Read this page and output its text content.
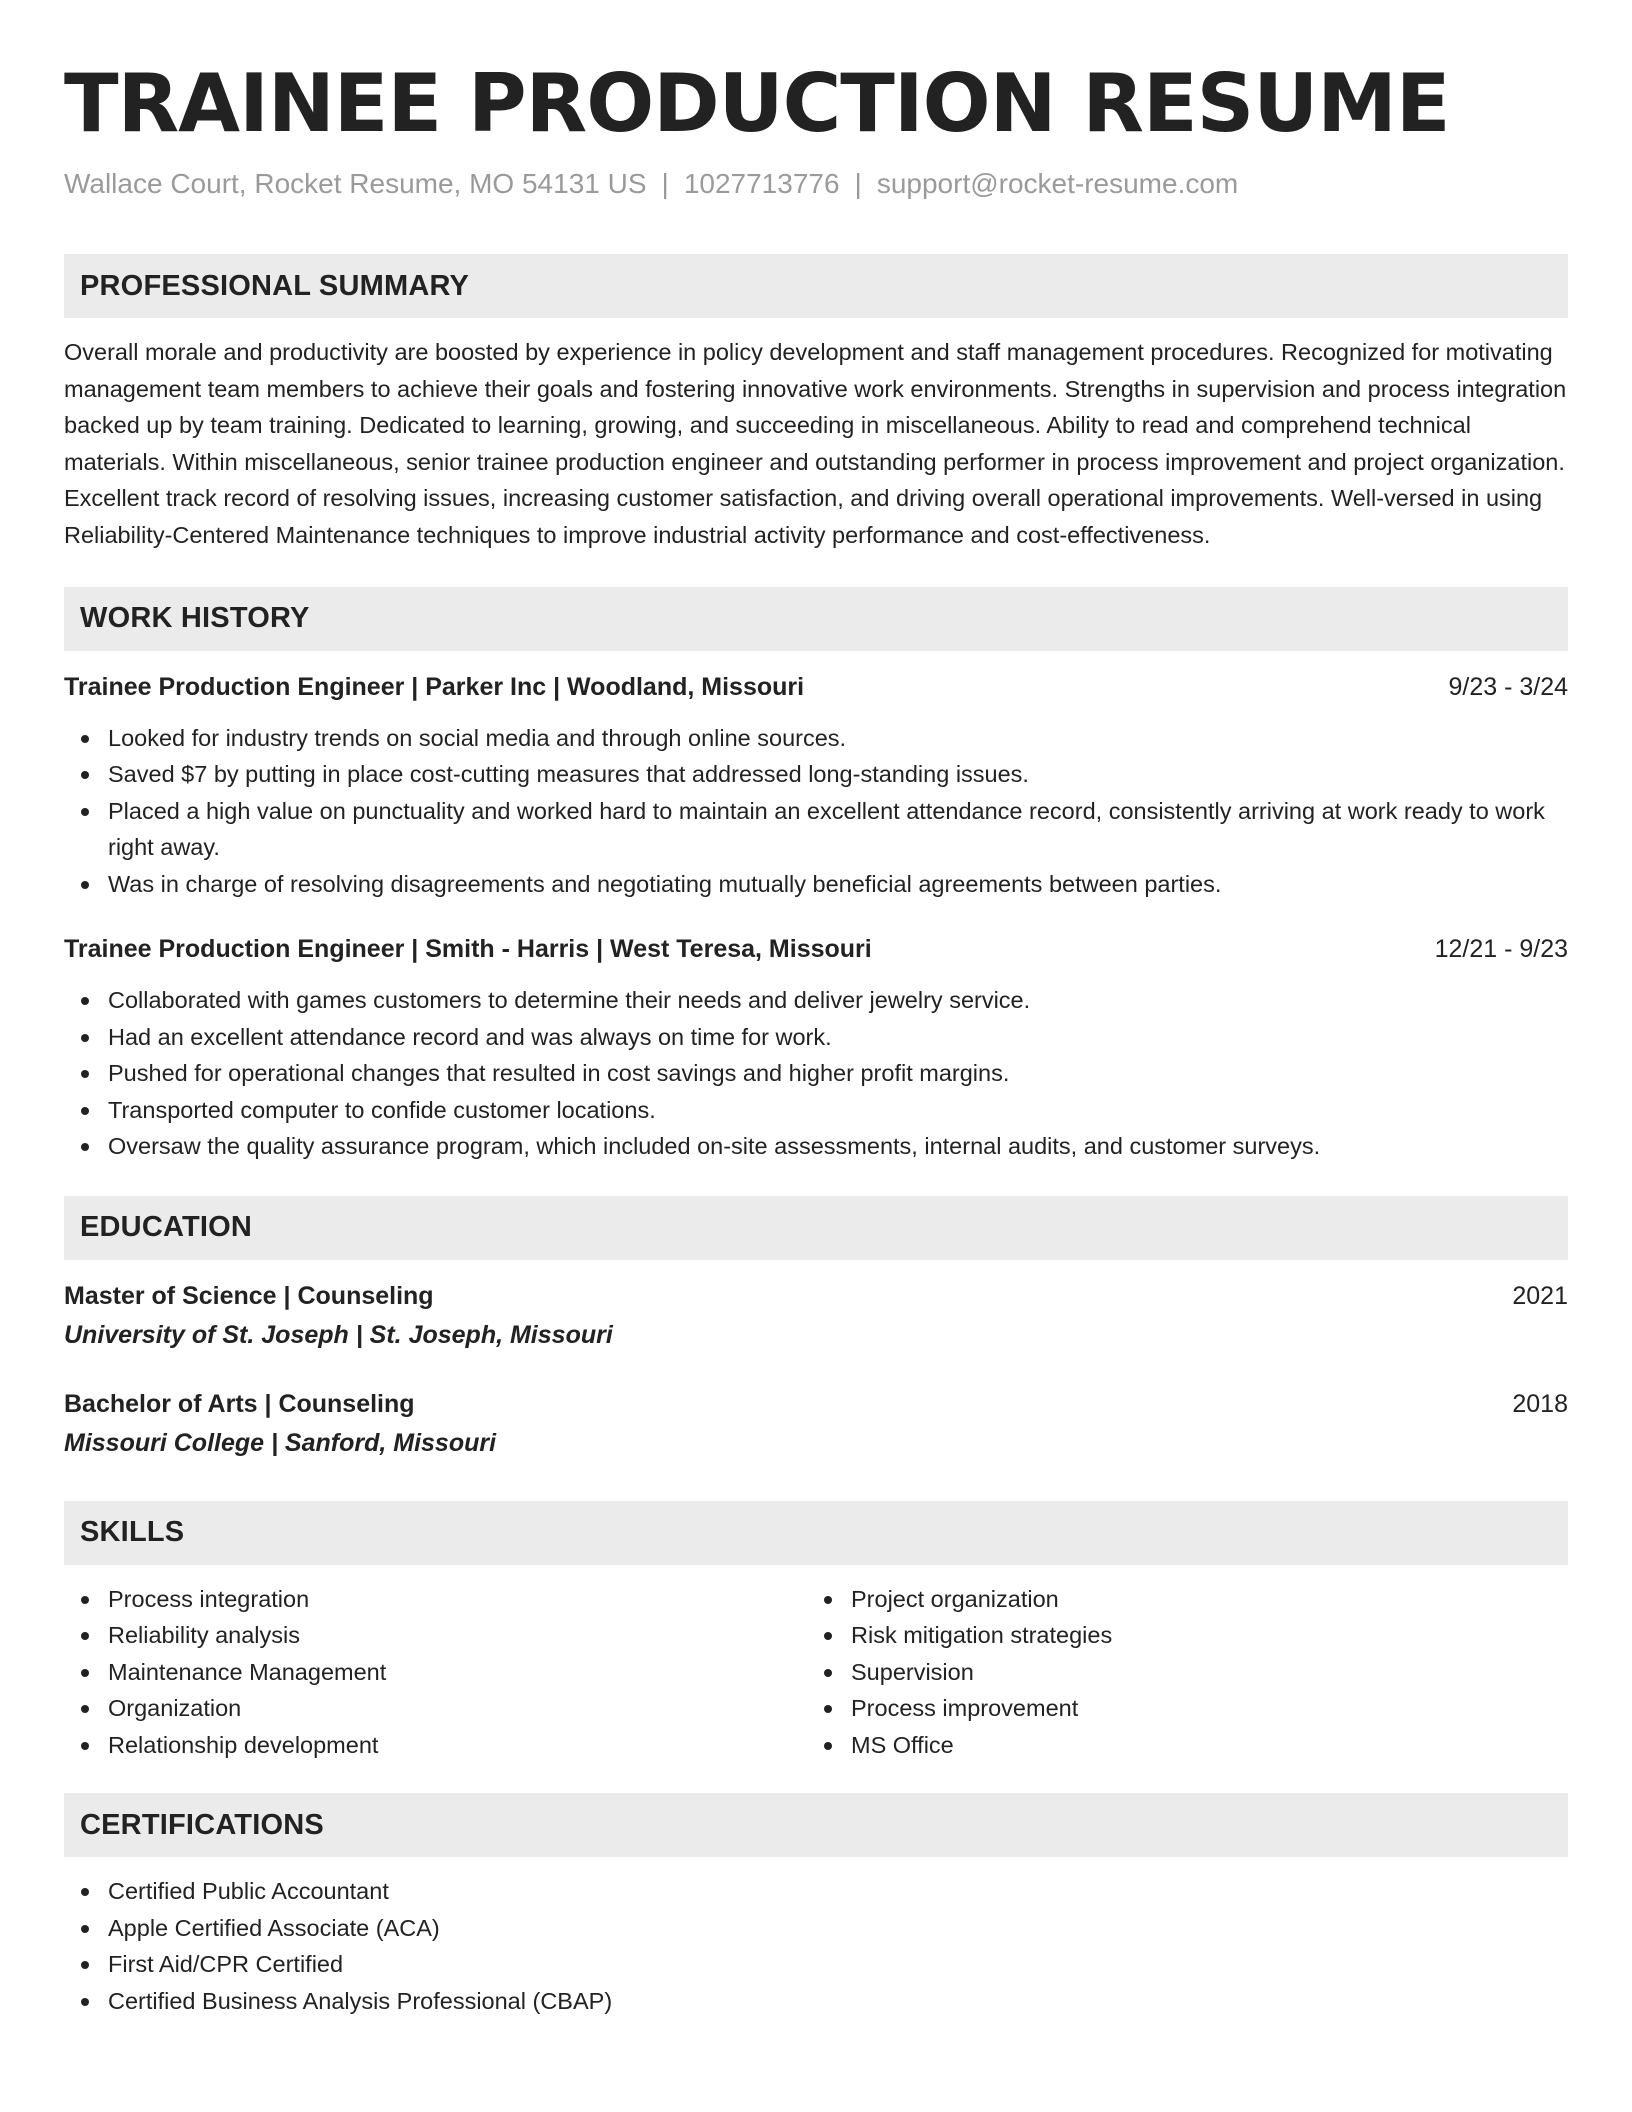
TRAINEE PRODUCTION RESUME
Wallace Court, Rocket Resume, MO 54131 US | 1027713776 | support@rocket-resume.com
PROFESSIONAL SUMMARY

Overall morale and productivity are boosted by experience in policy development and staff management procedures. Recognized for motivating management team members to achieve their goals and fostering innovative work environments. Strengths in supervision and process integration backed up by team training. Dedicated to learning, growing, and succeeding in miscellaneous. Ability to read and comprehend technical materials. Within miscellaneous, senior trainee production engineer and outstanding performer in process improvement and project organization. Excellent track record of resolving issues, increasing customer satisfaction, and driving overall operational improvements. Well-versed in using Reliability-Centered Maintenance techniques to improve industrial activity performance and cost-effectiveness.

WORK HISTORY
Trainee Production Engineer | Parker Inc | Woodland, Missouri	9/23 - 3/24
Looked for industry trends on social media and through online sources.
Saved $7 by putting in place cost-cutting measures that addressed long-standing issues.
Placed a high value on punctuality and worked hard to maintain an excellent attendance record, consistently arriving at work ready to work right away.
Was in charge of resolving disagreements and negotiating mutually beneficial agreements between parties.
Trainee Production Engineer | Smith - Harris | West Teresa, Missouri	12/21 - 9/23
Collaborated with games customers to determine their needs and deliver jewelry service.
Had an excellent attendance record and was always on time for work.
Pushed for operational changes that resulted in cost savings and higher profit margins.
Transported computer to confide customer locations.
Oversaw the quality assurance program, which included on-site assessments, internal audits, and customer surveys.
EDUCATION
Master of Science | Counseling	2021
University of St. Joseph | St. Joseph, Missouri
Bachelor of Arts | Counseling	2018
Missouri College | Sanford, Missouri
SKILLS
Process integration
Reliability analysis
Maintenance Management
Organization
Relationship development
Project organization
Risk mitigation strategies
Supervision
Process improvement
MS Office
CERTIFICATIONS
Certified Public Accountant
Apple Certified Associate (ACA)
First Aid/CPR Certified
Certified Business Analysis Professional (CBAP)
